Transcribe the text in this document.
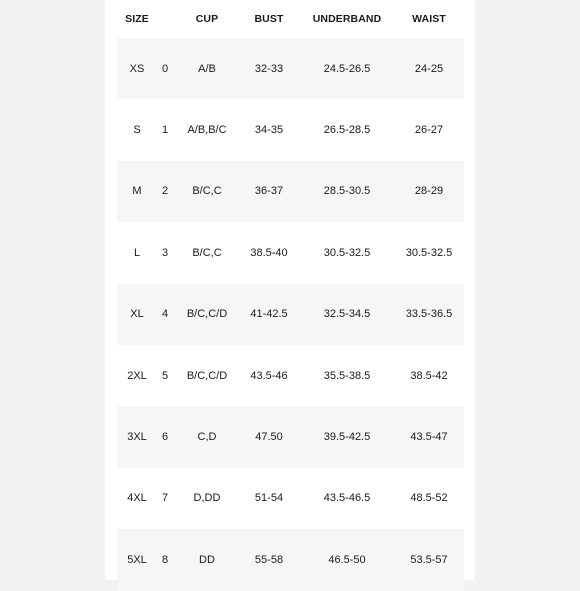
SIZE	CUP	BUST	UNDERBAND	WAIST
XS	0	A/B	32-33	24.5-26.5	24-25
S	1	A/B,B/C	34-35	26.5-28.5	26-27
M	2	B/C,C	36-37	28.5-30.5	28-29
L	3	B/C,C	38.5-40	30.5-32.5	30.5-32.5
XL	4	B/C,C/D	41-42.5	32.5-34.5	33.5-36.5
2XL	5	B/C,C/D	43.5-46	35.5-38.5	38.5-42
3XL	6	C,D	47.50	39.5-42.5	43.5-47
4XL	7	D,DD	51-54	43.5-46.5	48.5-52
5XL	8	DD	55-58	46.5-50	53.5-57
